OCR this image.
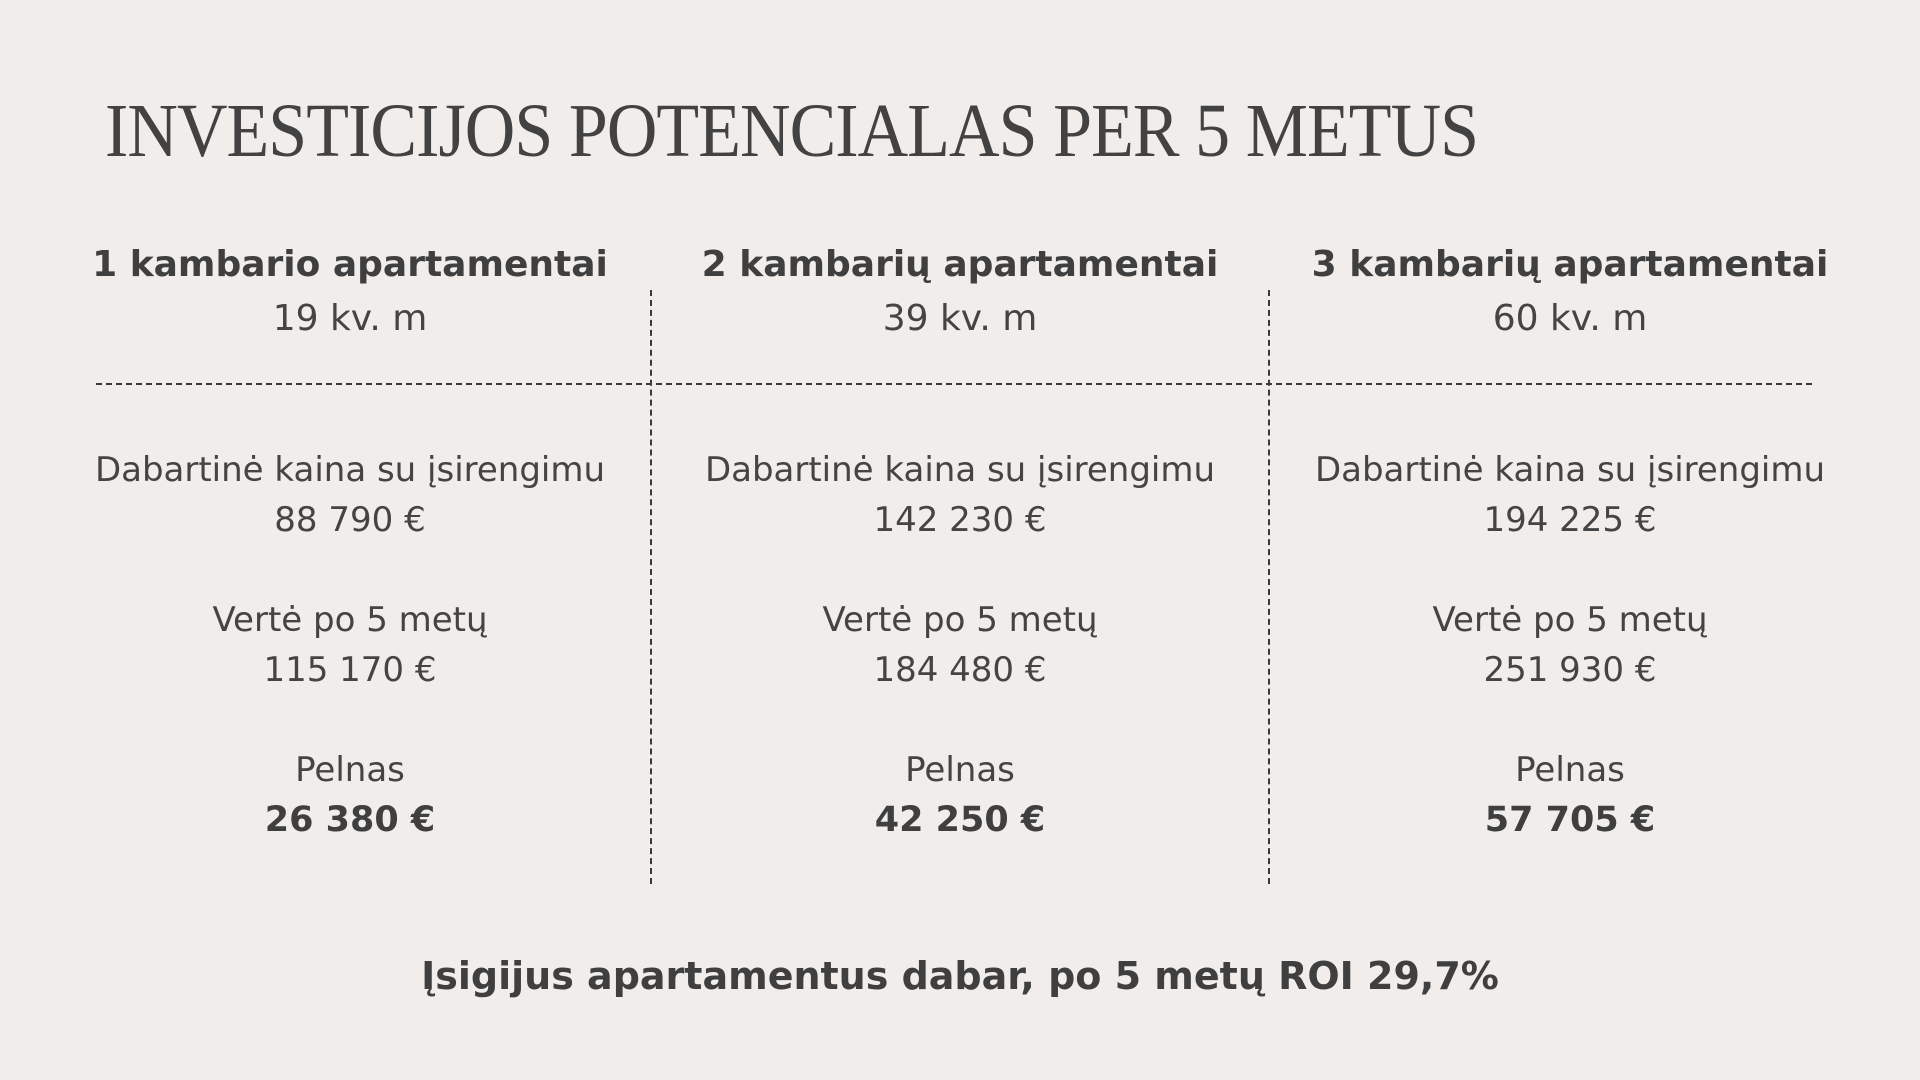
INVESTICIJOS POTENCIALAS PER 5 METUS
1 kambario apartamentai
19 kv. m
Dabartinė kaina su įsirengimu
88 790 €
Vertė po 5 metų
115 170 €
Pelnas
26 380 €
2 kambarių apartamentai
39 kv. m
Dabartinė kaina su įsirengimu
142 230 €
Vertė po 5 metų
184 480 €
Pelnas
42 250 €
3 kambarių apartamentai
60 kv. m
Dabartinė kaina su įsirengimu
194 225 €
Vertė po 5 metų
251 930 €
Pelnas
57 705 €
Įsigijus apartamentus dabar, po 5 metų ROI 29,7%
